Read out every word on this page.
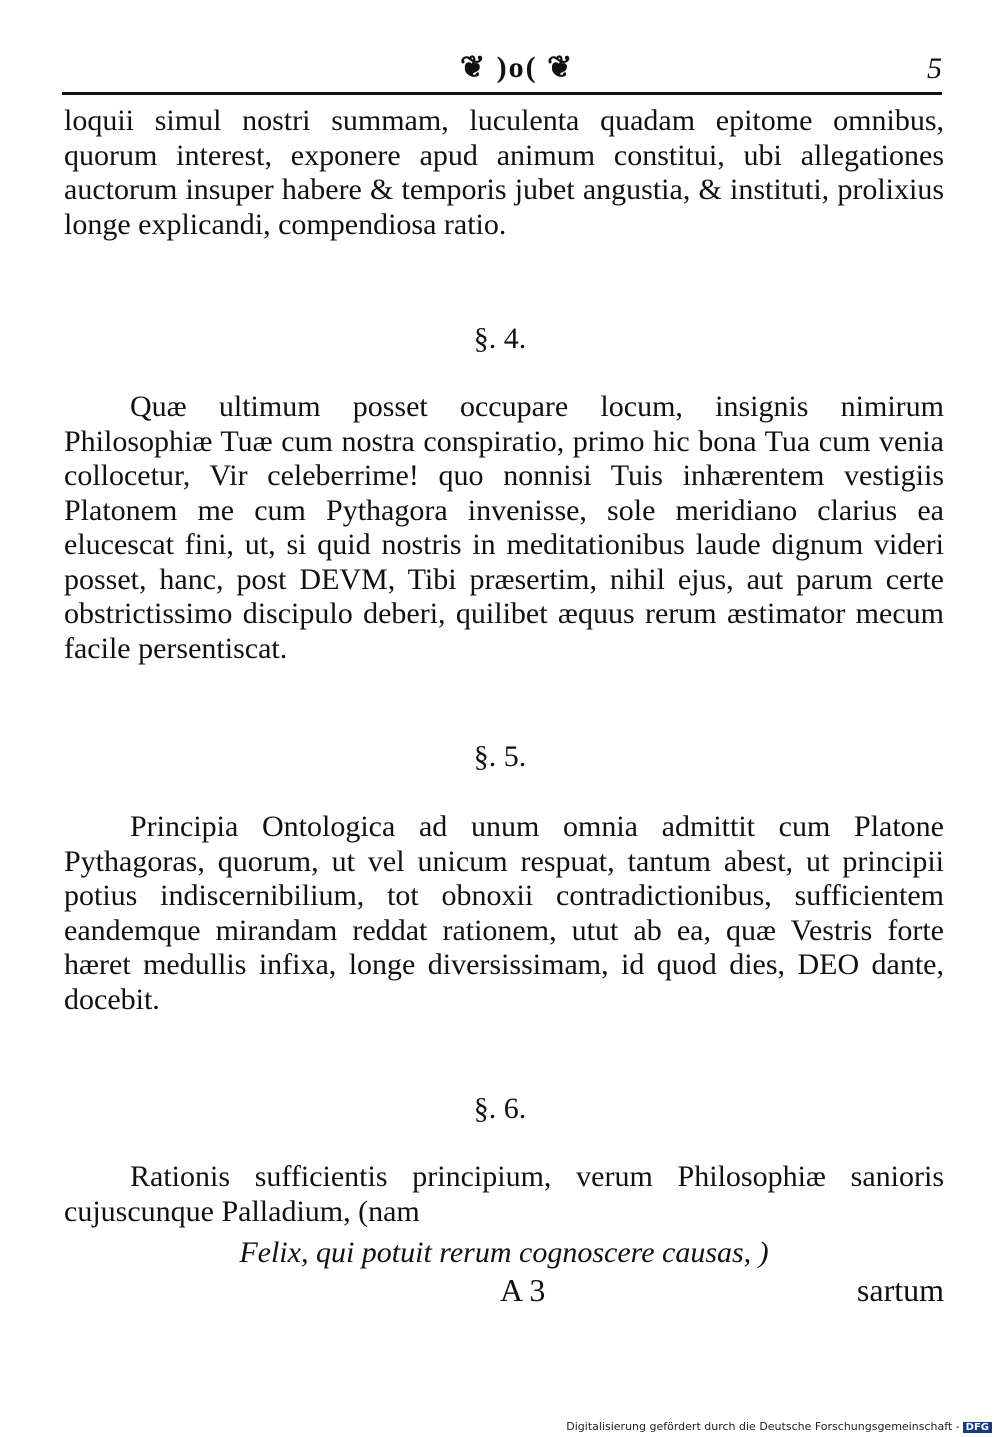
❦ )o( ❦	5

loquii simul nostri summam, luculenta quadam epitome omnibus, quorum interest, exponere apud animum constitui, ubi allegationes auctorum insuper habere & temporis jubet angustia, & instituti, prolixius longe explicandi, compendiosa ratio.

§. 4.

Quæ ultimum posset occupare locum, insignis nimirum Philosophiæ Tuæ cum nostra conspiratio, primo hic bona Tua cum venia collocetur, Vir celeberrime! quo nonnisi Tuis inhærentem vestigiis Platonem me cum Pythagora invenisse, sole meridiano clarius ea elucescat fini, ut, si quid nostris in meditationibus laude dignum videri posset, hanc, post DEVM, Tibi præsertim, nihil ejus, aut parum certe obstrictissimo discipulo deberi, quilibet æquus rerum æstimator mecum facile persentiscat.

§. 5.

Principia Ontologica ad unum omnia admittit cum Platone Pythagoras, quorum, ut vel unicum respuat, tantum abest, ut principii potius indiscernibilium, tot obnoxii contradictionibus, sufficientem eandemque mirandam reddat rationem, utut ab ea, quæ Vestris forte hæret medullis infixa, longe diversissimam, id quod dies, DEO dante, docebit.

§. 6.

Rationis sufficientis principium, verum Philosophiæ sanioris cujuscunque Palladium, (nam

Felix, qui potuit rerum cognoscere causas, )
A 3	sartum
Digitalisierung gefördert durch die Deutsche Forschungsgemeinschaft - DFG
